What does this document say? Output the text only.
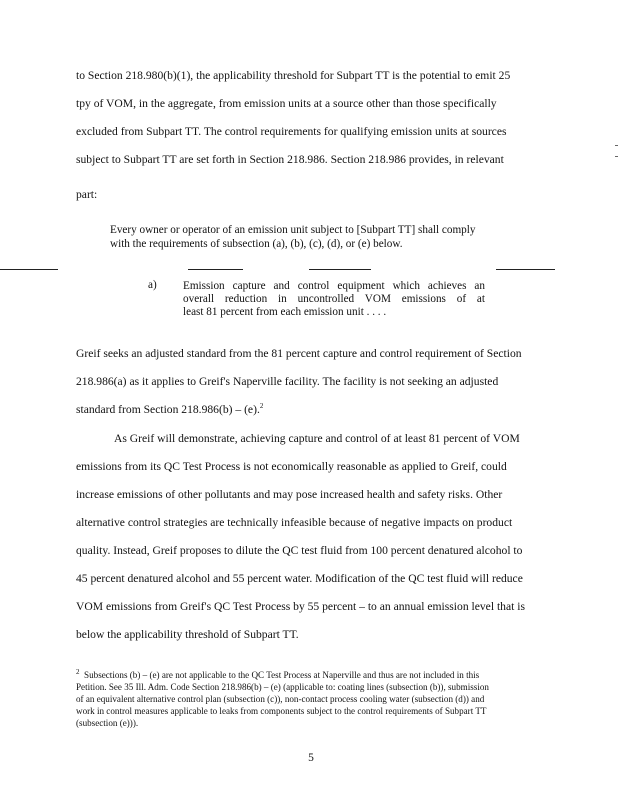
to Section 218.980(b)(1), the applicability threshold for Subpart TT is the potential to emit 25
tpy of VOM, in the aggregate, from emission units at a source other than those specifically
excluded from Subpart TT. The control requirements for qualifying emission units at sources
subject to Subpart TT are set forth in Section 218.986. Section 218.986 provides, in relevant
part:
Every owner or operator of an emission unit subject to [Subpart TT] shall comply
with the requirements of subsection (a), (b), (c), (d), or (e) below.
a) Emission capture and control equipment which achieves an
overall reduction in uncontrolled VOM emissions of at
least 81 percent from each emission unit . . . .
Greif seeks an adjusted standard from the 81 percent capture and control requirement of Section
218.986(a) as it applies to Greif's Naperville facility. The facility is not seeking an adjusted
standard from Section 218.986(b) – (e).$^2$
As Greif will demonstrate, achieving capture and control of at least 81 percent of VOM
emissions from its QC Test Process is not economically reasonable as applied to Greif, could
increase emissions of other pollutants and may pose increased health and safety risks. Other
alternative control strategies are technically infeasible because of negative impacts on product
quality. Instead, Greif proposes to dilute the QC test fluid from 100 percent denatured alcohol to
45 percent denatured alcohol and 55 percent water. Modification of the QC test fluid will reduce
VOM emissions from Greif's QC Test Process by 55 percent – to an annual emission level that is
below the applicability threshold of Subpart TT.
$^2$ Subsections (b) – (e) are not applicable to the QC Test Process at Naperville and thus are not included in this
Petition. See 35 Ill. Adm. Code Section 218.986(b) – (e) (applicable to: coating lines (subsection (b)), submission
of an equivalent alternative control plan (subsection (c)), non-contact process cooling water (subsection (d)) and
work in control measures applicable to leaks from components subject to the control requirements of Subpart TT
(subsection (e))).
5
